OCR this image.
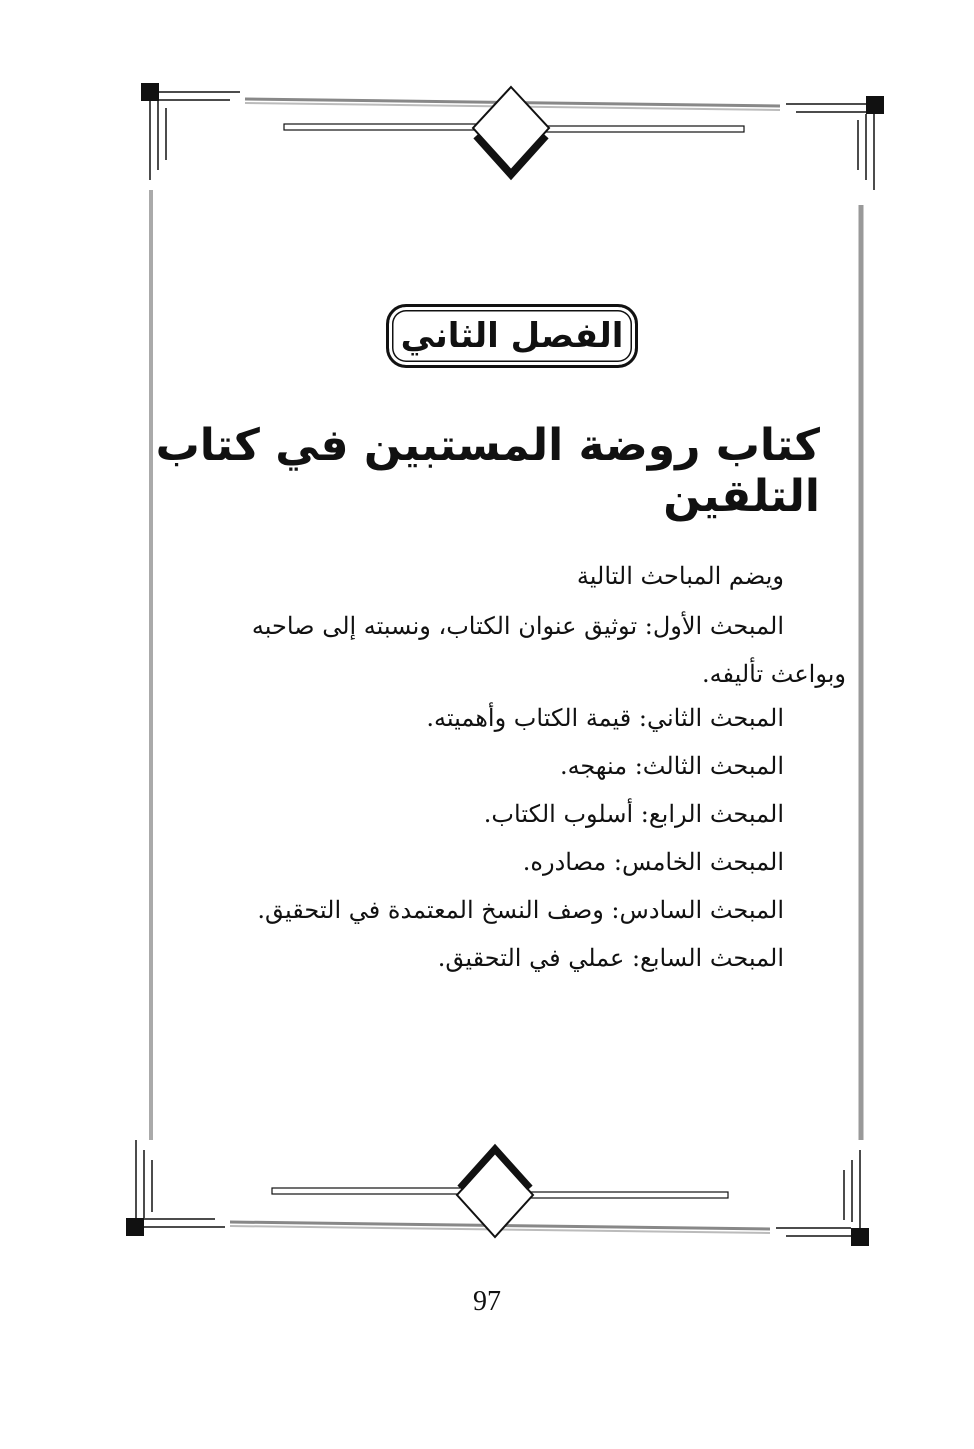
الفصل الثاني
كتاب روضة المستبين في كتاب التلقين
ويضم المباحث التالية
المبحث الأول: توثيق عنوان الكتاب، ونسبته إلى صاحبه
وبواعث تأليفه.
المبحث الثاني: قيمة الكتاب وأهميته.
المبحث الثالث: منهجه.
المبحث الرابع: أسلوب الكتاب.
المبحث الخامس: مصادره.
المبحث السادس: وصف النسخ المعتمدة في التحقيق.
المبحث السابع: عملي في التحقيق.
97
